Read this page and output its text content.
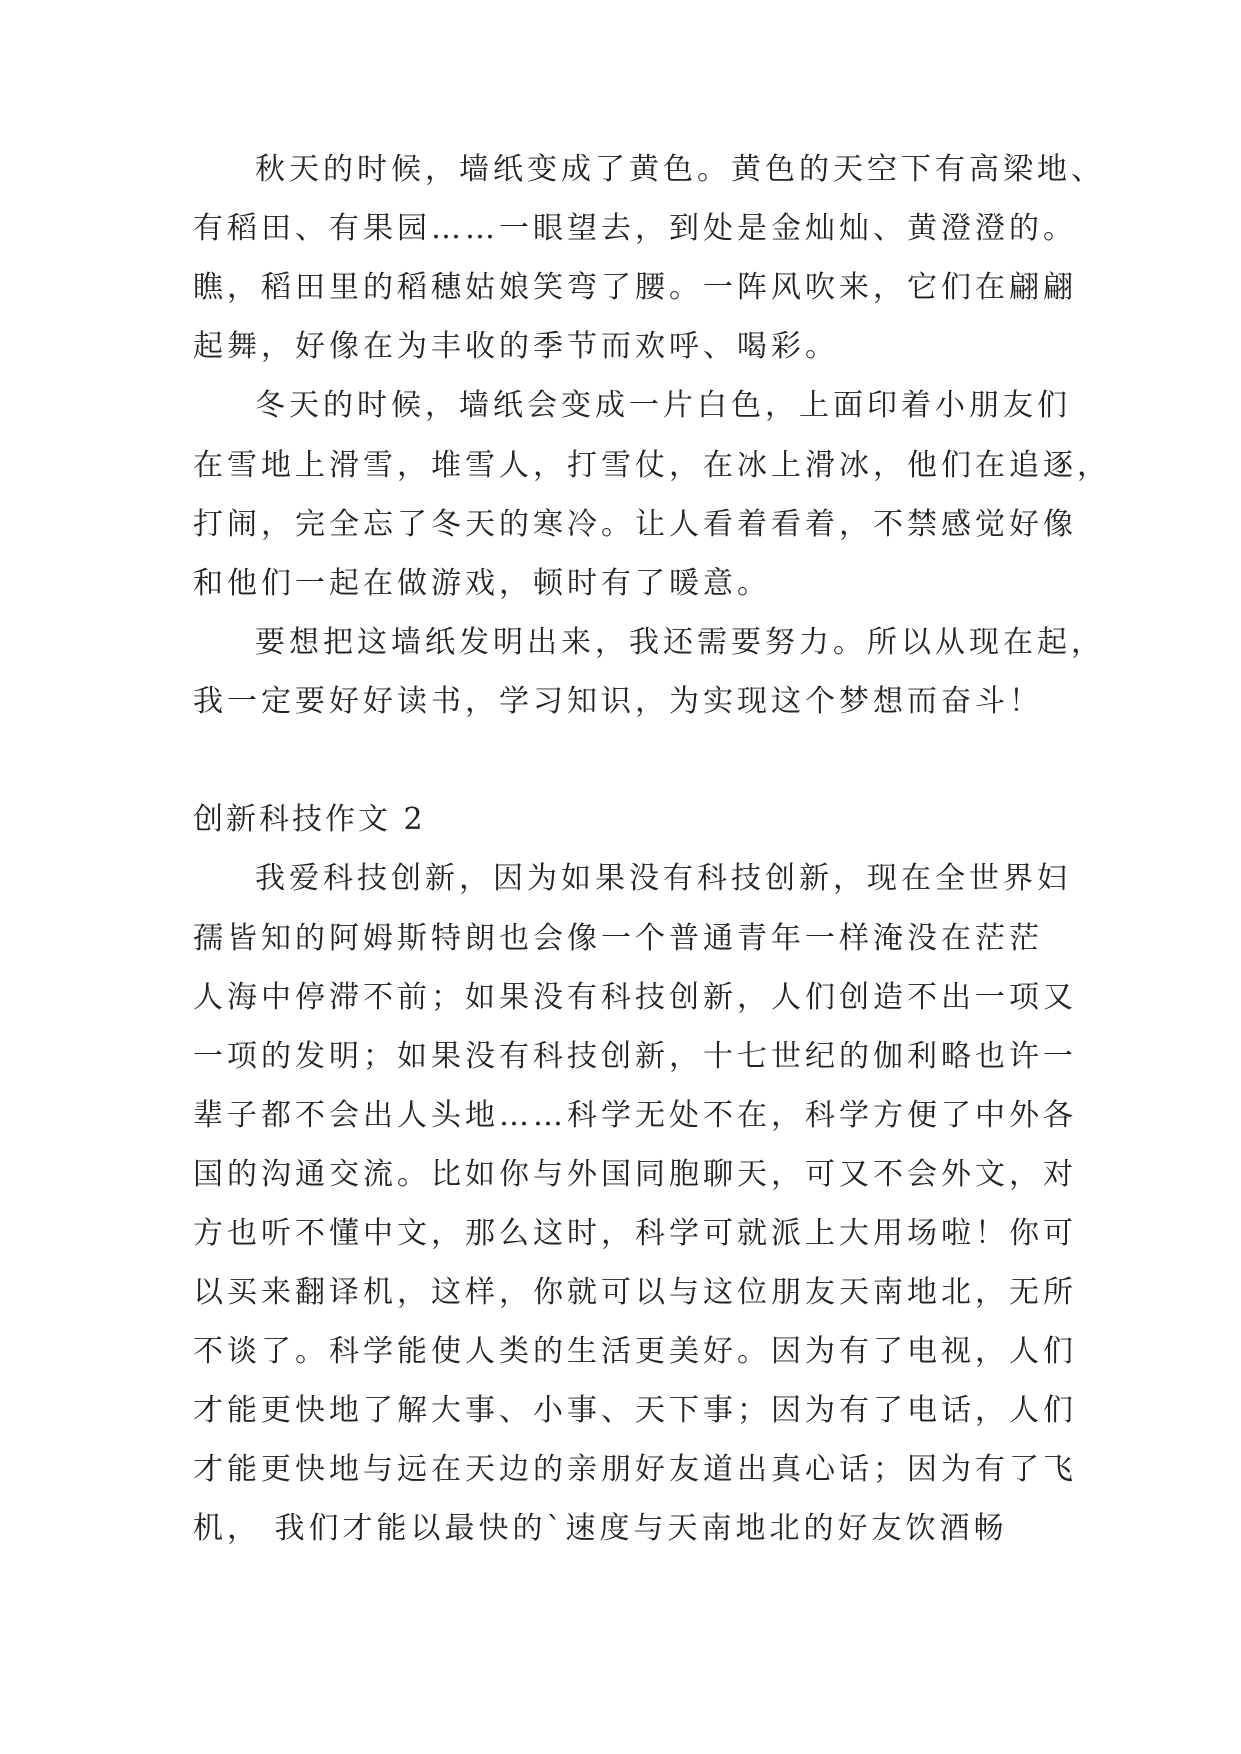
秋天的时候，墙纸变成了黄色。黄色的天空下有高梁地、
有稻田、有果园……一眼望去，到处是金灿灿、黄澄澄的。
瞧，稻田里的稻穗姑娘笑弯了腰。一阵风吹来，它们在翩翩
起舞，好像在为丰收的季节而欢呼、喝彩。
冬天的时候，墙纸会变成一片白色，上面印着小朋友们
在雪地上滑雪，堆雪人，打雪仗，在冰上滑冰，他们在追逐，
打闹，完全忘了冬天的寒冷。让人看着看着，不禁感觉好像
和他们一起在做游戏，顿时有了暖意。
要想把这墙纸发明出来，我还需要努力。所以从现在起，
我一定要好好读书，学习知识，为实现这个梦想而奋斗！
创新科技作文 2
我爱科技创新，因为如果没有科技创新，现在全世界妇
孺皆知的阿姆斯特朗也会像一个普通青年一样淹没在茫茫
人海中停滞不前；如果没有科技创新，人们创造不出一项又
一项的发明；如果没有科技创新，十七世纪的伽利略也许一
辈子都不会出人头地……科学无处不在，科学方便了中外各
国的沟通交流。比如你与外国同胞聊天，可又不会外文，对
方也听不懂中文，那么这时，科学可就派上大用场啦！你可
以买来翻译机，这样，你就可以与这位朋友天南地北，无所
不谈了。科学能使人类的生活更美好。因为有了电视，人们
才能更快地了解大事、小事、天下事；因为有了电话，人们
才能更快地与远在天边的亲朋好友道出真心话；因为有了飞
机， 我们才能以最快的`速度与天南地北的好友饮酒畅
